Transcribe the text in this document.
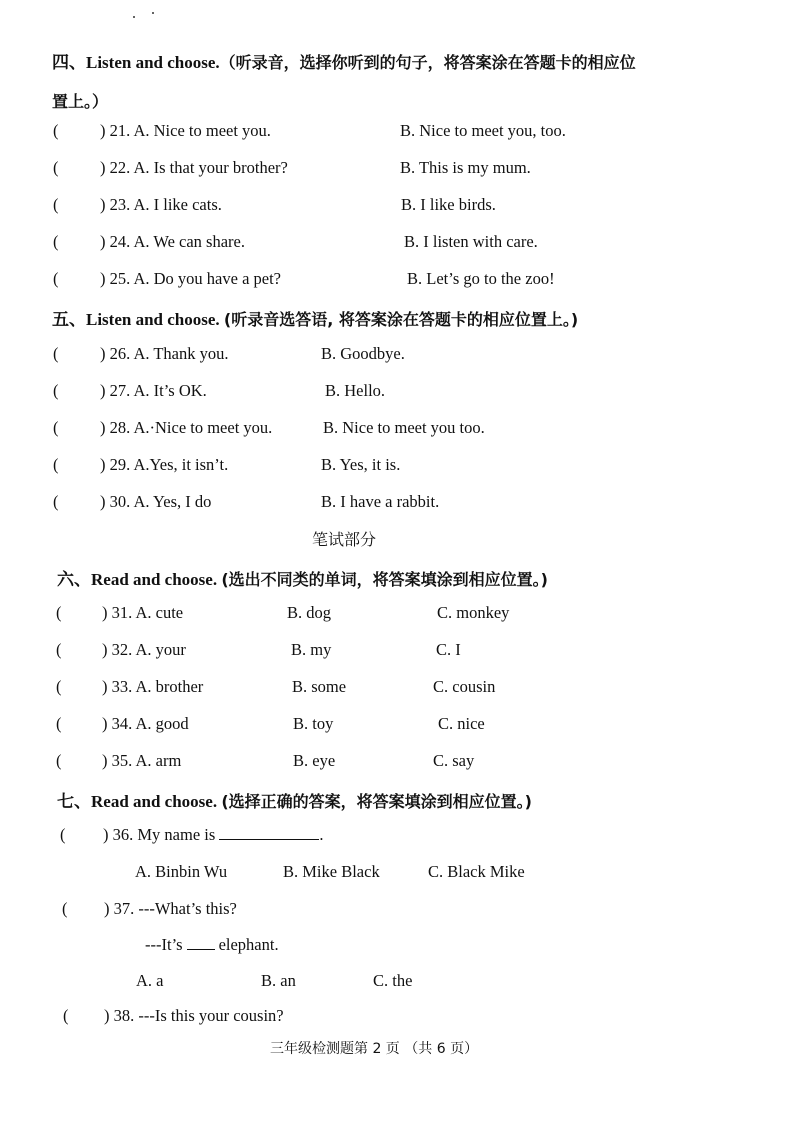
四、Listen and choose.（听录音，选择你听到的句子，将答案涂在答题卡的相应位
置上。）
(	) 21. A. Nice to meet you.	B. Nice to meet you, too.
(	) 22. A. Is that your brother?	B. This is my mum.
(	) 23. A. I like cats.	B. I like birds.
(	) 24. A. We can share.	B. I listen with care.
(	) 25. A. Do you have a pet?	B. Let’s go to the zoo!
五、Listen and choose. (听录音选答语, 将答案涂在答题卡的相应位置上。)
(	) 26. A. Thank you.	B. Goodbye.
(	) 27. A. It’s OK.	B. Hello.
(	) 28. A.·Nice to meet you.	B. Nice to meet you too.
(	) 29. A.Yes, it isn’t.	B. Yes, it is.
(	) 30. A. Yes, I do	B. I have a rabbit.
笔试部分
六、Read and choose. (选出不同类的单词，将答案填涂到相应位置。)
( ) 31. A. cute	B. dog	C. monkey
( ) 32. A. your	B. my	C. I
( ) 33. A. brother	B. some	C. cousin
( ) 34. A. good	B. toy	C. nice
( ) 35. A. arm	B. eye	C. say
七、Read and choose. (选择正确的答案，将答案填涂到相应位置。)
( ) 36. My name is	.
A. Binbin Wu	B. Mike Black	C. Black Mike
( ) 37. ---What’s this?
---It’s elephant.
A. a	B. an	C. the
( ) 38. ---Is this your cousin?
三年级检测题第 2 页 （共 6 页）
